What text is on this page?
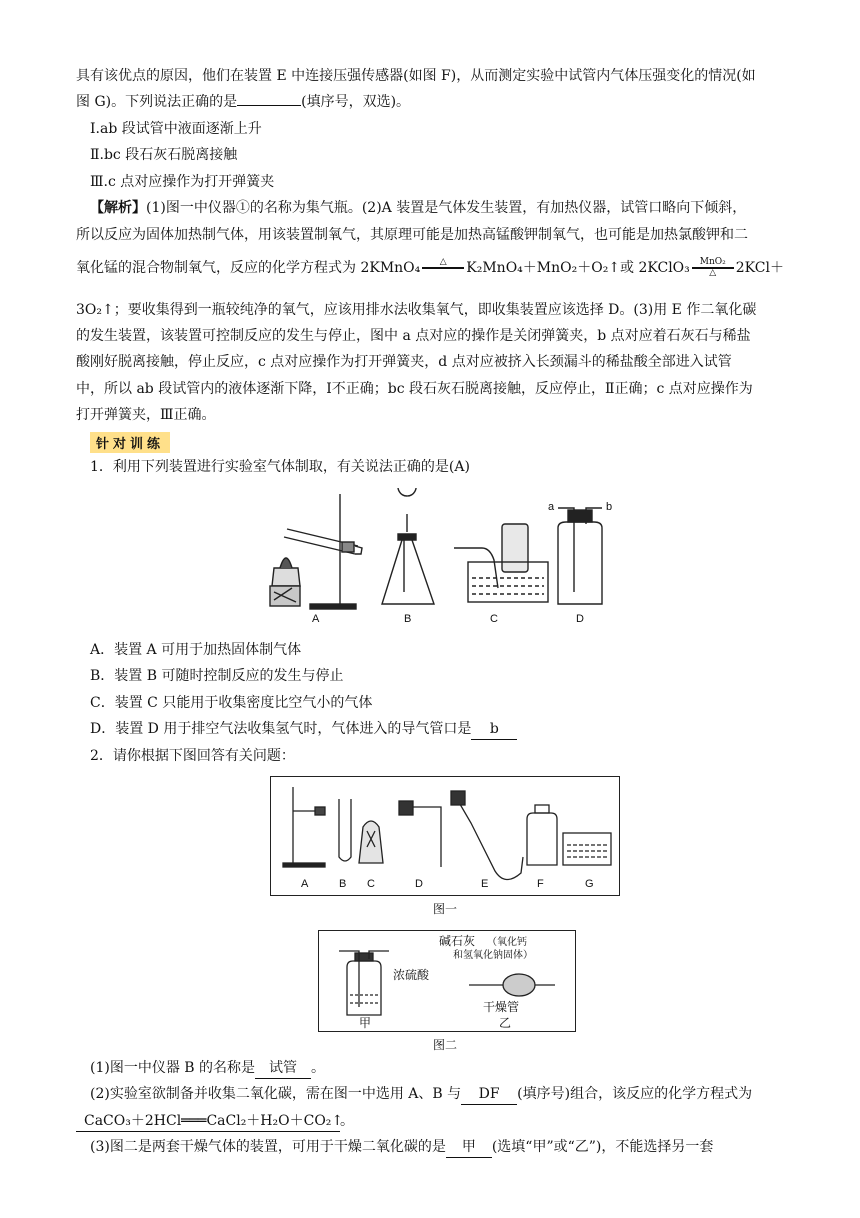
具有该优点的原因，他们在装置 E 中连接压强传感器(如图 F)，从而测定实验中试管内气体压强变化的情况(如
图 G)。下列说法正确的是	(填序号，双选)。
Ⅰ.ab 段试管中液面逐渐上升
Ⅱ.bc 段石灰石脱离接触
Ⅲ.c 点对应操作为打开弹簧夹
【解析】(1)图一中仪器①的名称为集气瓶。(2)A 装置是气体发生装置，有加热仪器，试管口略向下倾斜，
所以反应为固体加热制气体，用该装置制氧气，其原理可能是加热高锰酸钾制氧气，也可能是加热氯酸钾和二
氧化锰的混合物制氧气，反应的化学方程式为 2KMnO₄	△
	K₂MnO₄＋MnO₂＋O₂↑或 2KClO₃ $\frac{\text{MnO₂}}{\triangle} 2KCl+$
3O₂↑；要收集得到一瓶较纯净的氧气，应该用排水法收集氧气，即收集装置应该选择 D。(3)用 E 作二氧化碳
的发生装置，该装置可控制反应的发生与停止，图中 a 点对应的操作是关闭弹簧夹，b 点对应着石灰石与稀盐
酸刚好脱离接触，停止反应，c 点对应操作为打开弹簧夹，d 点对应被挤入长颈漏斗的稀盐酸全部进入试管
中，所以 ab 段试管内的液体逐渐下降，Ⅰ不正确；bc 段石灰石脱离接触，反应停止，Ⅱ正确；c 点对应操作为
打开弹簧夹，Ⅲ正确。
针对训练
1．利用下列装置进行实验室气体制取，有关说法正确的是(A)
A	B	C	D
a	b
A．装置 A 可用于加热固体制气体
B．装置 B 可随时控制反应的发生与停止
C．装置 C 只能用于收集密度比空气小的气体
D．装置 D 用于排空气法收集氢气时，气体进入的导气管口是 b
2．请你根据下图回答有关问题：
A	B C	D	E	F	G
图一
碱石灰 （氧化钙
和氢氧化钠固体）
浓硫酸
干燥管
甲	乙
图二
(1)图一中仪器 B 的名称是 试管 。
(2)实验室欲制备并收集二氧化碳，需在图一中选用 A、B 与 DF (填序号)组合，该反应的化学方程式为
CaCO₃＋2HCl═══CaCl₂＋H₂O＋CO₂↑。
(3)图二是两套干燥气体的装置，可用于干燥二氧化碳的是 甲 (选填“甲”或“乙”)，不能选择另一套
